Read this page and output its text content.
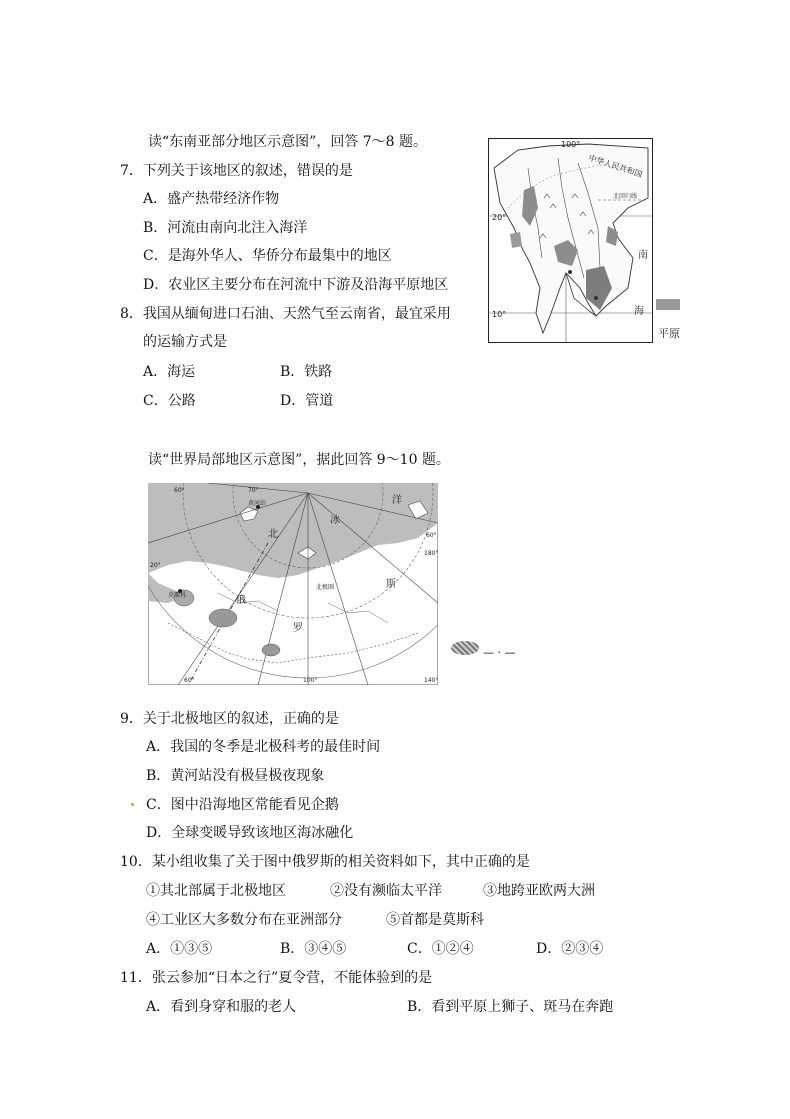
读“东南亚部分地区示意图”，回答 7～8 题。
7．下列关于该地区的叙述，错误的是
A．盛产热带经济作物
B．河流由南向北注入海洋
C．是海外华人、华侨分布最集中的地区
D．农业区主要分布在河流中下游及沿海平原地区
8．我国从缅甸进口石油、天然气至云南省，最宜采用
的运输方式是
A．海运	B．铁路
C．公路	D．管道
100°
20°
10°
中华人民共和国
北回归线
南
海
平原
读“世界局部地区示意图”，据此回答 9～10 题。
60°	70°
20°
60°
180°
60°	100°	140°
黄河站
北
冰
洋
莫斯科	俄
罗
斯
北极圈
— · —
9．关于北极地区的叙述，正确的是
A．我国的冬季是北极科考的最佳时间
B．黄河站没有极昼极夜现象
C．图中沿海地区常能看见企鹅
D．全球变暖导致该地区海冰融化
10．某小组收集了关于图中俄罗斯的相关资料如下，其中正确的是
①其北部属于北极地区	②没有濒临太平洋	③地跨亚欧两大洲
④工业区大多数分布在亚洲部分	⑤首都是莫斯科
A．①③⑤	B．③④⑤	C．①②④	D．②③④
11．张云参加“日本之行”夏令营，不能体验到的是
A．看到身穿和服的老人	B．看到平原上狮子、斑马在奔跑
